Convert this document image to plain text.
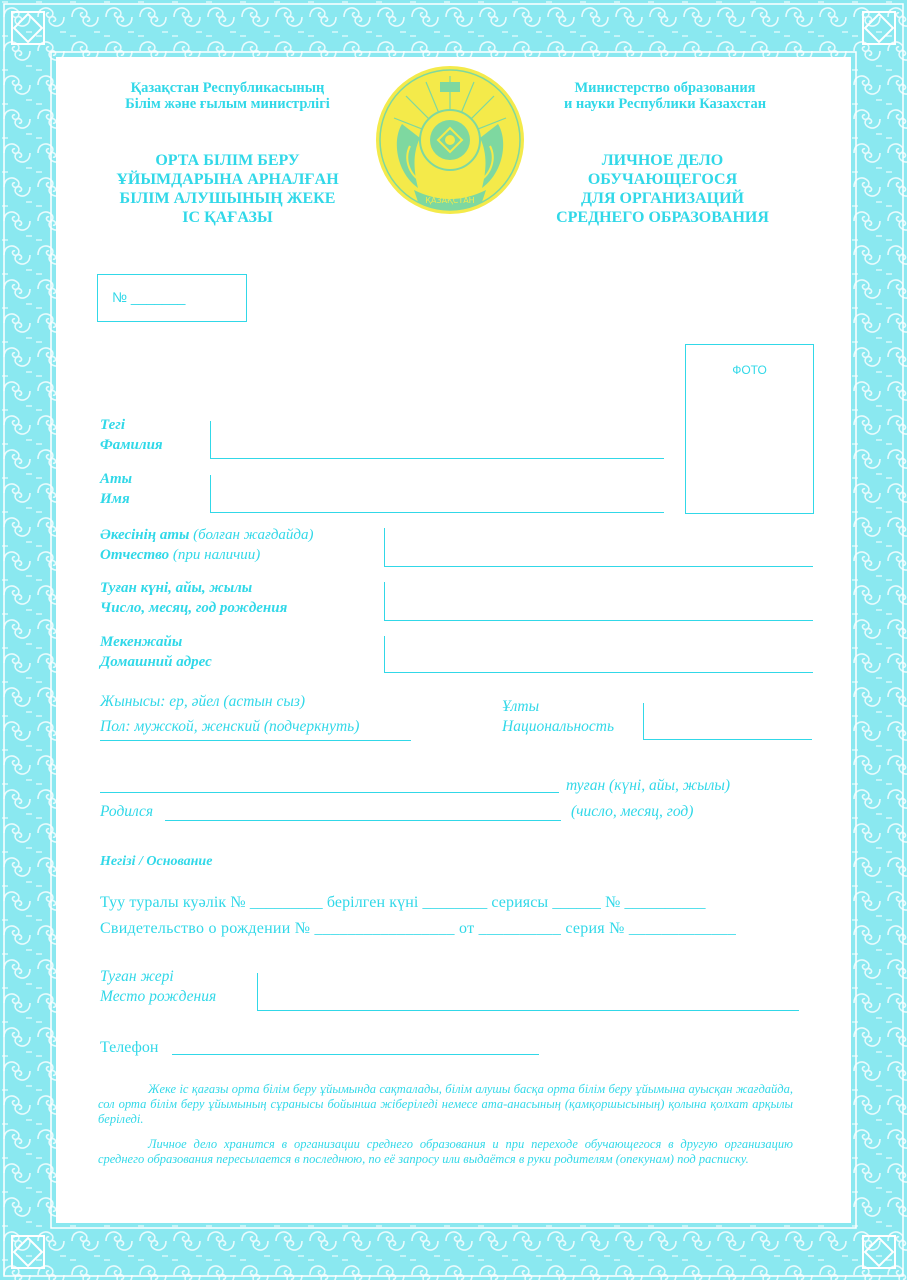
Қазақстан Республикасының
Білім және ғылым министрлігі
Министерство образования
и науки Республики Казахстан
ОРТА БІЛІМ БЕРУ
ҰЙЫМДАРЫНА АРНАЛҒАН
БІЛІМ АЛУШЫНЫҢ ЖЕКЕ
ІС ҚАҒАЗЫ
ЛИЧНОЕ ДЕЛО
ОБУЧАЮЩЕГОСЯ
ДЛЯ ОРГАНИЗАЦИЙ
СРЕДНЕГО ОБРАЗОВАНИЯ
ҚАЗАҚСТАН
№ _______
ФОТО
Тегі
Фамилия
Аты
Имя
Әкесінің аты (болған жағдайда)
Отчество (при наличии)
Туған күні, айы, жылы
Число, месяц, год рождения
Мекенжайы
Домашний адрес
Жынысы: ер, әйел (астын сыз)
Пол: мужской, женский (подчеркнуть)
Ұлты
Национальность
туған (күні, айы, жылы)
Родился	(число, месяц, год)
Негізі / Основание
Туу туралы куәлік № _________ берілген күні ________ сериясы ______ № __________
Свидетельство о рождении № _________________ от __________ серия № _____________
Туған жері
Место рождения
Телефон
Жеке іс қағазы орта білім беру ұйымында сақталады, білім алушы басқа орта білім беру ұйымына ауысқан жағдайда, сол орта білім беру ұйымының сұранысы бойынша жіберіледі немесе ата-анасының (қамқоршысының) қолына қолхат арқылы беріледі.
Личное дело хранится в организации среднего образования и при переходе обучающегося в другую организацию среднего образования пересылается в последнюю, по её запросу или выдаётся в руки родителям (опекунам) под расписку.
